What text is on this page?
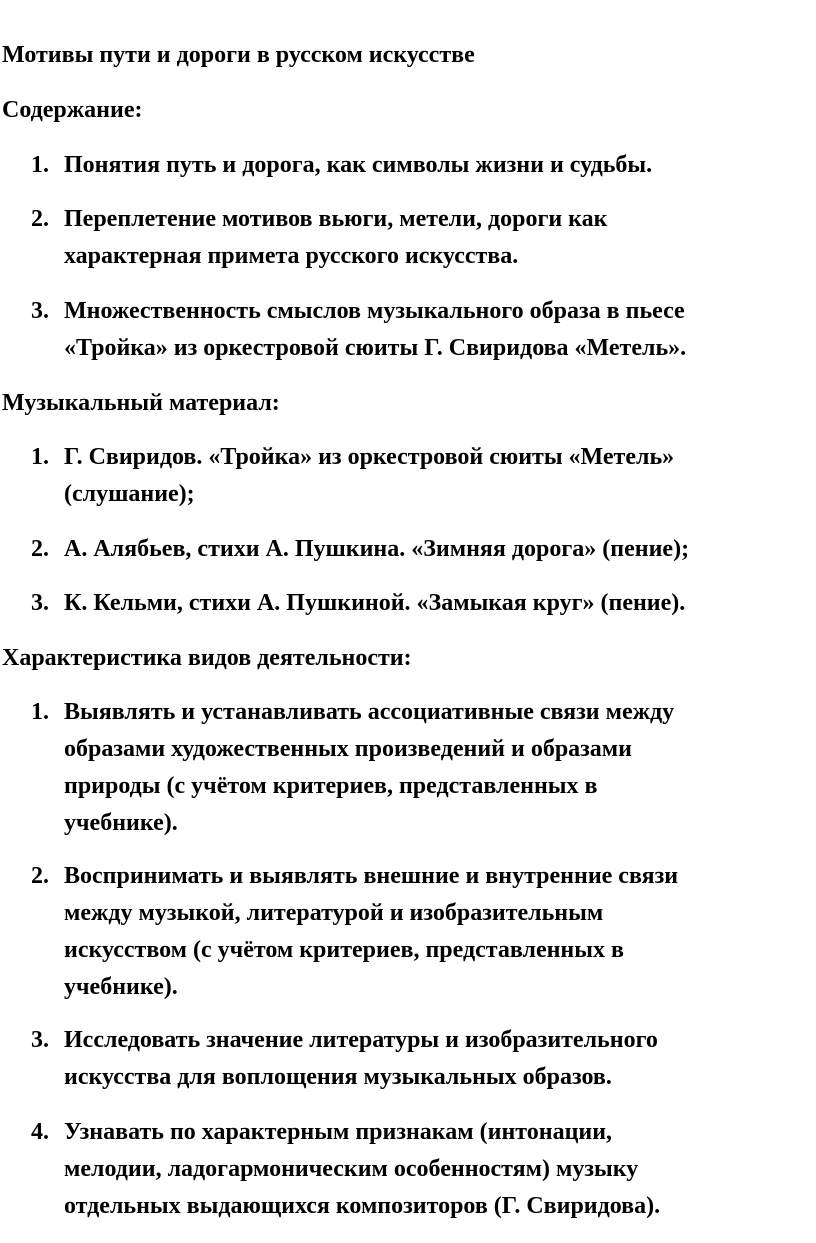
Мотивы пути и дороги в русском искусстве
Содержание:
1. Понятия путь и дорога, как символы жизни и судьбы.
2. Переплетение мотивов вьюги, метели, дороги как
характерная примета русского искусства.
3. Множественность смыслов музыкального образа в пьесе
«Тройка» из оркестровой сюиты Г. Свиридова «Метель».
Музыкальный материал:
1. Г. Свиридов. «Тройка» из оркестровой сюиты «Метель»
(слушание);
2. А. Алябьев, стихи А. Пушкина. «Зимняя дорога» (пение);
3. К. Кельми, стихи А. Пушкиной. «Замыкая круг» (пение).
Характеристика видов деятельности:
1. Выявлять и устанавливать ассоциативные связи между
образами художественных произведений и образами
природы (с учётом критериев, представленных в
учебнике).
2. Воспринимать и выявлять внешние и внутренние связи
между музыкой, литературой и изобразительным
искусством (с учётом критериев, представленных в
учебнике).
3. Исследовать значение литературы и изобразительного
искусства для воплощения музыкальных образов.
4. Узнавать по характерным признакам (интонации,
мелодии, ладогармоническим особенностям) музыку
отдельных выдающихся композиторов (Г. Свиридова).
